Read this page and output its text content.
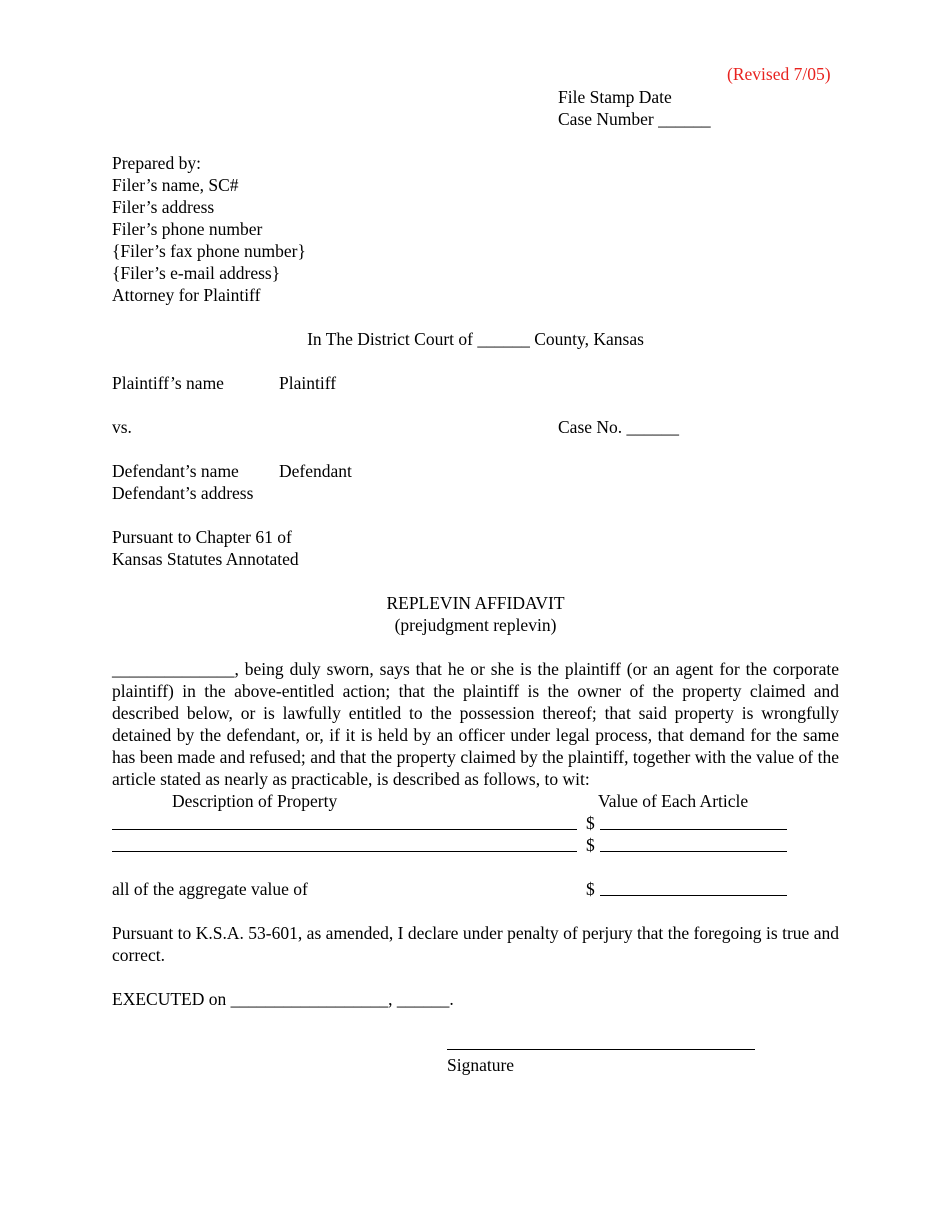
(Revised 7/05)
File Stamp Date
Case Number ______
Prepared by:
Filer’s name, SC#
Filer’s address
Filer’s phone number
{Filer’s fax phone number}
{Filer’s e-mail address}
Attorney for Plaintiff
In The District Court of ______ County, Kansas
Plaintiff’s name	Plaintiff
vs.	Case No. ______
Defendant’s name Defendant
Defendant’s address
Pursuant to Chapter 61 of
Kansas Statutes Annotated
REPLEVIN AFFIDAVIT
(prejudgment replevin)
______________, being duly sworn, says that he or she is the plaintiff (or an agent for the corporate plaintiff) in the above-entitled action; that the plaintiff is the owner of the property claimed and described below, or is lawfully entitled to the possession thereof; that said property is wrongfully detained by the defendant, or, if it is held by an officer under legal process, that demand for the same has been made and refused; and that the property claimed by the plaintiff, together with the value of the article stated as nearly as practicable, is described as follows, to wit:
Description of Property	Value of Each Article
$
$
all of the aggregate value of	$
Pursuant to K.S.A. 53-601, as amended, I declare under penalty of perjury that the foregoing is true and correct.
EXECUTED on __________________, ______.
Signature
